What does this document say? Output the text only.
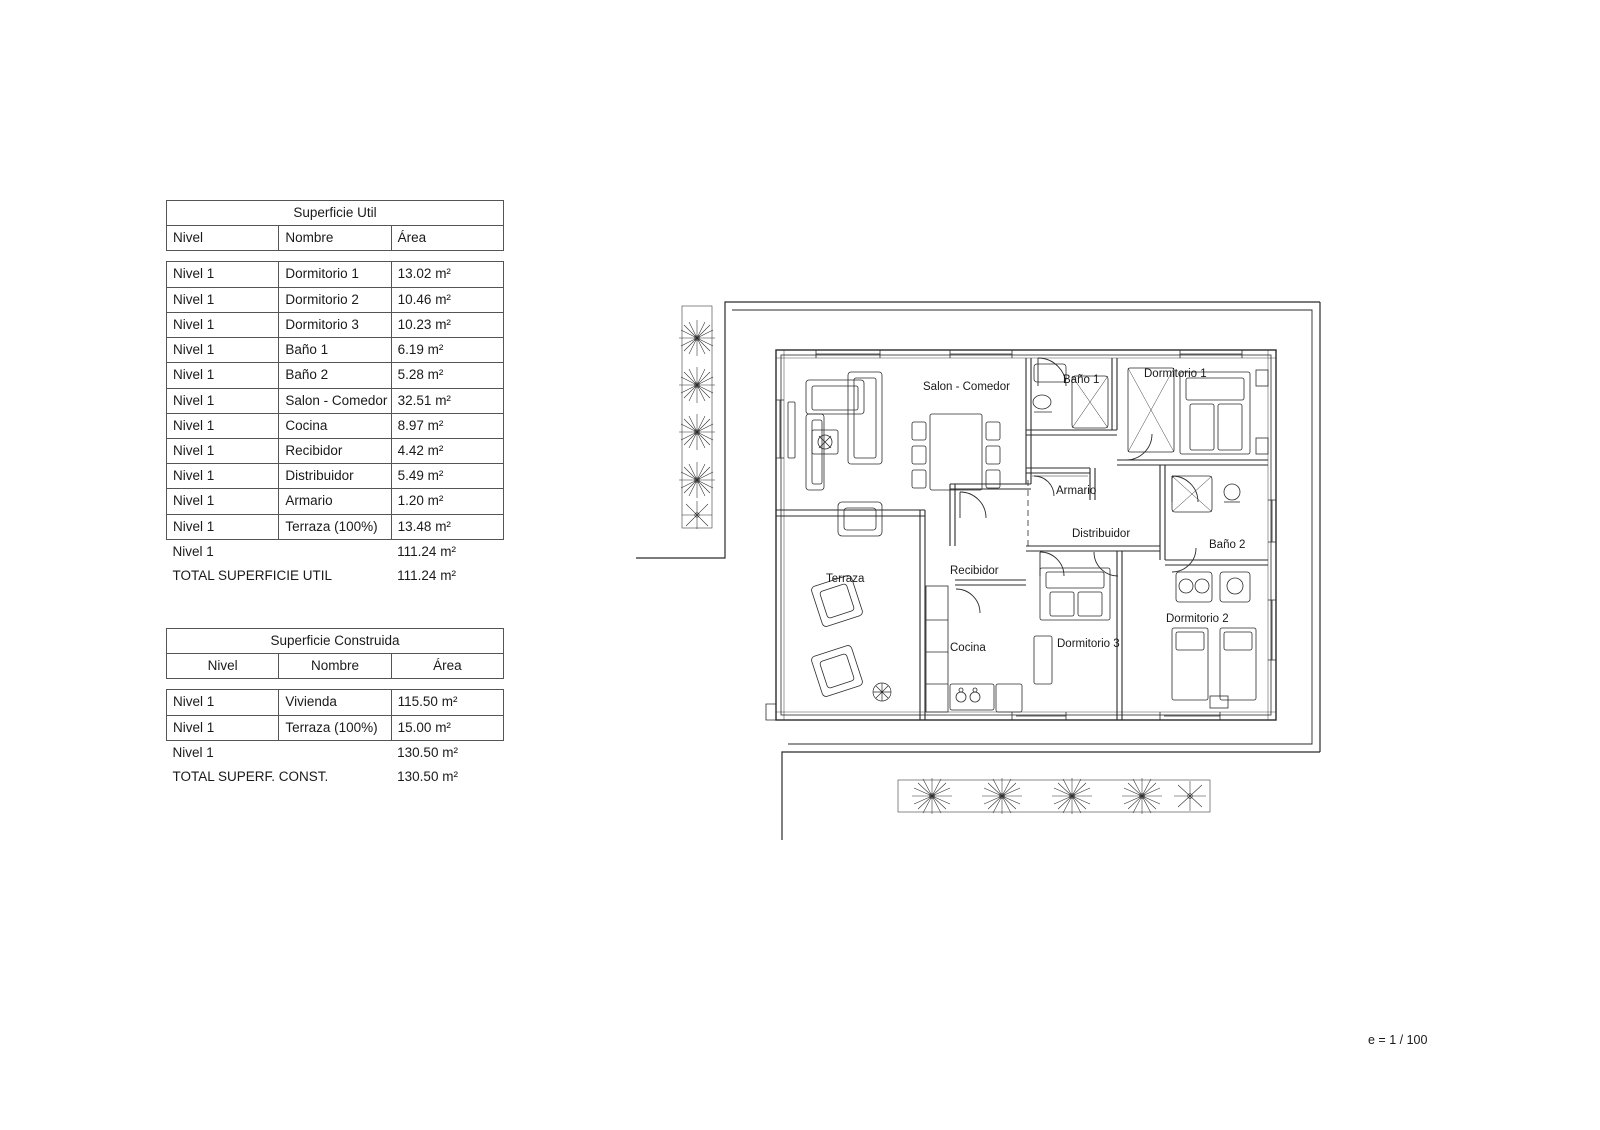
Superficie Util		
Nivel	Nombre	Área

Nivel 1	Dormitorio 1	13.02 m²
Nivel 1	Dormitorio 2	10.46 m²
Nivel 1	Dormitorio 3	10.23 m²
Nivel 1	Baño 1	6.19 m²
Nivel 1	Baño 2	5.28 m²
Nivel 1	Salon - Comedor	32.51 m²
Nivel 1	Cocina	8.97 m²
Nivel 1	Recibidor	4.42 m²
Nivel 1	Distribuidor	5.49 m²
Nivel 1	Armario	1.20 m²
Nivel 1	Terraza (100%)	13.48 m²
Nivel 1		111.24 m²
TOTAL SUPERFICIE UTIL		111.24 m²
Superficie Construida		
Nivel	Nombre	Área

Nivel 1	Vivienda	115.50 m²
Nivel 1	Terraza (100%)	15.00 m²
Nivel 1		130.50 m²
TOTAL SUPERF. CONST.		130.50 m²
Salon - Comedor
Baño 1	Dormitorio 1
Armario
Distribuidor
Baño 2
Dormitorio 2
Recibidor
Terraza
Cocina	Dormitorio 3
e = 1 / 100
